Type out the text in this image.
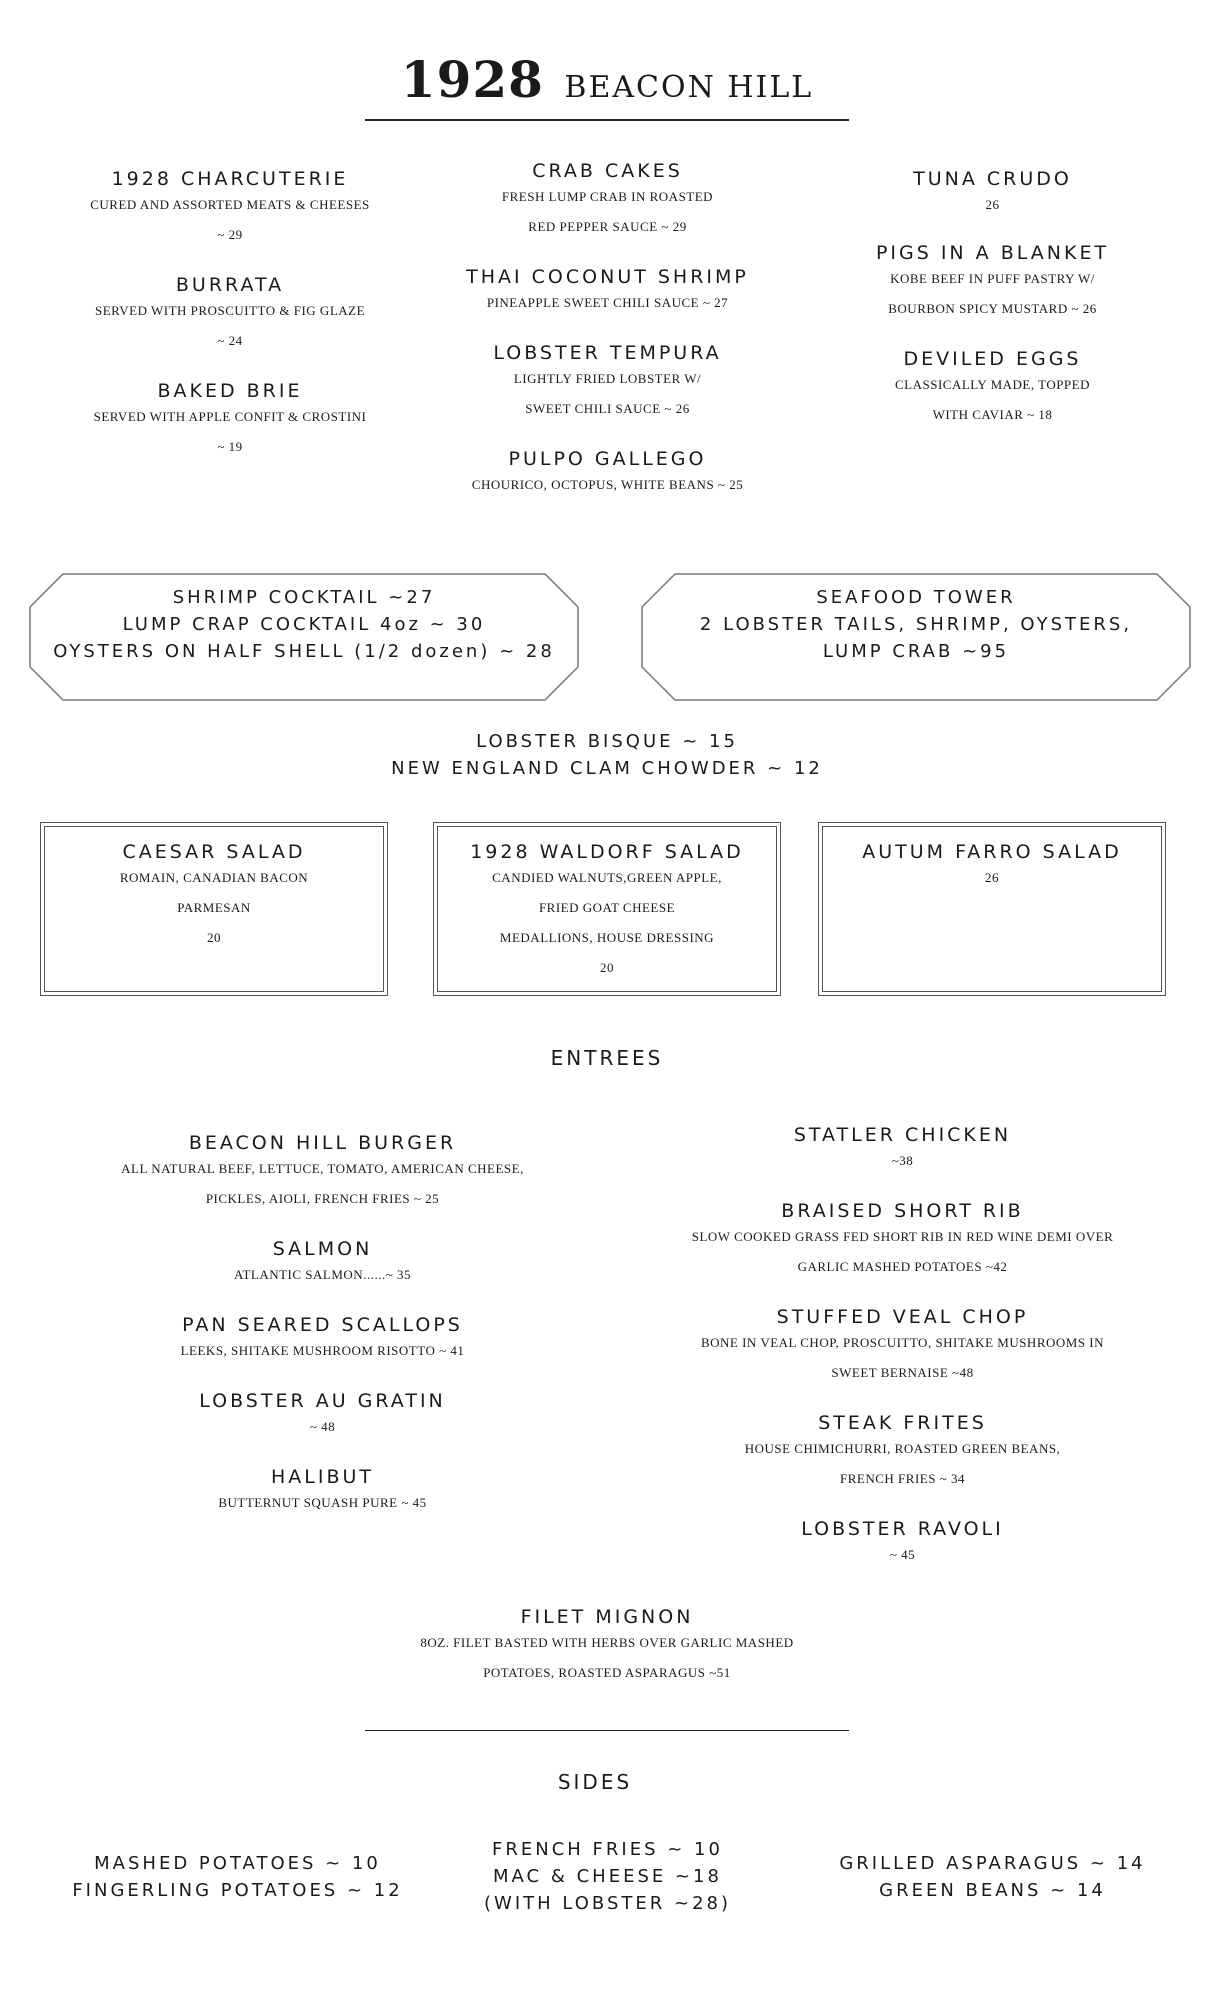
1928 BEACON HILL
1928 CHARCUTERIE
CURED AND ASSORTED MEATS & CHEESES
~ 29
BURRATA
SERVED WITH PROSCUITTO & FIG GLAZE
~ 24
BAKED BRIE
SERVED WITH APPLE CONFIT & CROSTINI
~ 19
CRAB CAKES
FRESH LUMP CRAB IN ROASTED
RED PEPPER SAUCE ~ 29
THAI COCONUT SHRIMP
PINEAPPLE SWEET CHILI SAUCE ~ 27
LOBSTER TEMPURA
LIGHTLY FRIED LOBSTER W/
SWEET CHILI SAUCE ~ 26
PULPO GALLEGO
CHOURICO, OCTOPUS, WHITE BEANS ~ 25
TUNA CRUDO
26
PIGS IN A BLANKET
KOBE BEEF IN PUFF PASTRY W/
BOURBON SPICY MUSTARD ~ 26
DEVILED EGGS
CLASSICALLY MADE, TOPPED
WITH CAVIAR ~ 18
SHRIMP COCKTAIL ~27
LUMP CRAP COCKTAIL 4oz ~ 30
OYSTERS ON HALF SHELL (1/2 dozen) ~ 28
SEAFOOD TOWER
2 LOBSTER TAILS, SHRIMP, OYSTERS,
LUMP CRAB ~95
LOBSTER BISQUE ~ 15
NEW ENGLAND CLAM CHOWDER ~ 12
CAESAR SALAD
ROMAIN, CANADIAN BACON
PARMESAN
20
1928 WALDORF SALAD
CANDIED WALNUTS,GREEN APPLE,
FRIED GOAT CHEESE
MEDALLIONS, HOUSE DRESSING
20
AUTUM FARRO SALAD
26
ENTREES
BEACON HILL BURGER
ALL NATURAL BEEF, LETTUCE, TOMATO, AMERICAN CHEESE,
PICKLES, AIOLI, FRENCH FRIES ~ 25
SALMON
ATLANTIC SALMON......~ 35
PAN SEARED SCALLOPS
LEEKS, SHITAKE MUSHROOM RISOTTO ~ 41
LOBSTER AU GRATIN
~ 48
HALIBUT
BUTTERNUT SQUASH PURE ~ 45
STATLER CHICKEN
~38
BRAISED SHORT RIB
SLOW COOKED GRASS FED SHORT RIB IN RED WINE DEMI OVER
GARLIC MASHED POTATOES ~42
STUFFED VEAL CHOP
BONE IN VEAL CHOP, PROSCUITTO, SHITAKE MUSHROOMS IN
SWEET BERNAISE ~48
STEAK FRITES
HOUSE CHIMICHURRI, ROASTED GREEN BEANS,
FRENCH FRIES ~ 34
LOBSTER RAVOLI
~ 45
FILET MIGNON
8OZ. FILET BASTED WITH HERBS OVER GARLIC MASHED
POTATOES, ROASTED ASPARAGUS ~51
SIDES
MASHED POTATOES ~ 10
FINGERLING POTATOES ~ 12
FRENCH FRIES ~ 10
MAC & CHEESE ~18
(WITH LOBSTER ~28)
GRILLED ASPARAGUS ~ 14
GREEN BEANS ~ 14
